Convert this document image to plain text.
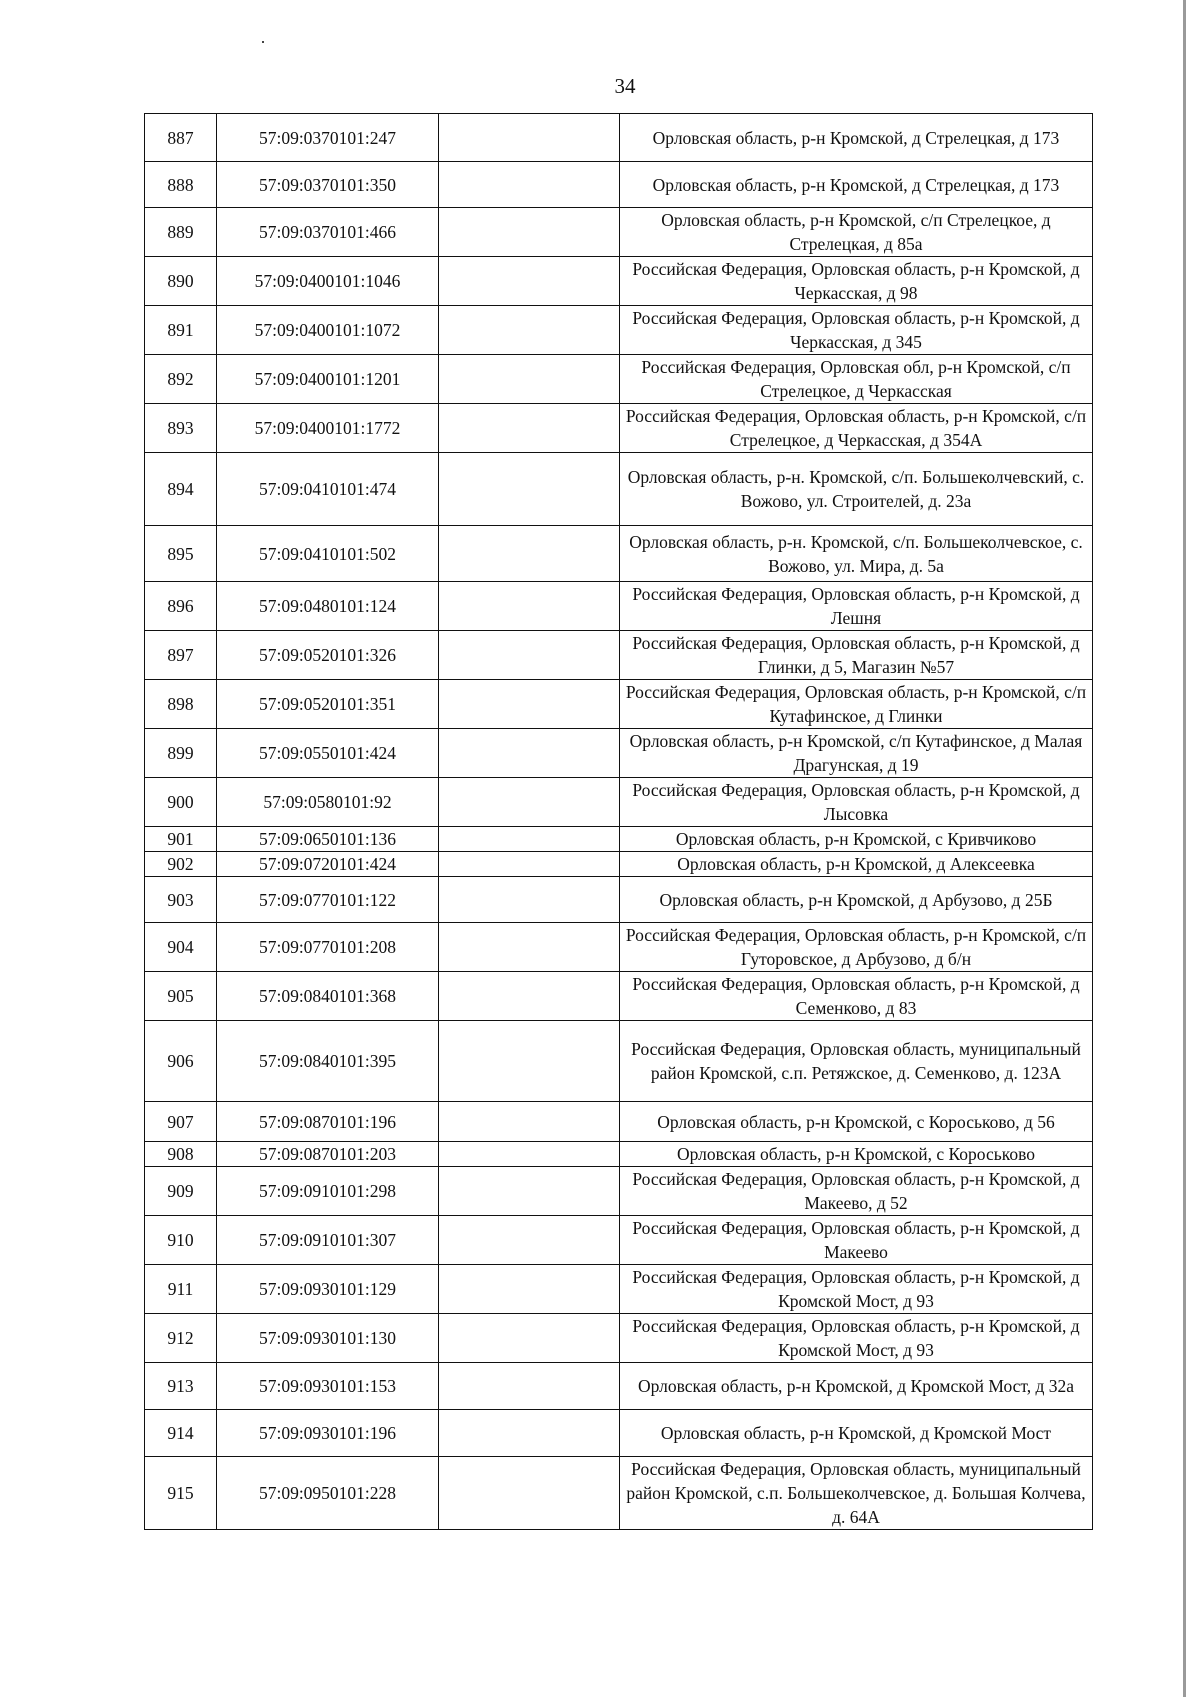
34
887	57:09:0370101:247		Орловская область, р-н Кромской, д Стрелецкая, д 173
888	57:09:0370101:350		Орловская область, р-н Кромской, д Стрелецкая, д 173
889	57:09:0370101:466		Орловская область, р-н Кромской, с/п Стрелецкое, д Стрелецкая, д 85а
890	57:09:0400101:1046		Российская Федерация, Орловская область, р-н Кромской, д Черкасская, д 98
891	57:09:0400101:1072		Российская Федерация, Орловская область, р-н Кромской, д Черкасская, д 345
892	57:09:0400101:1201		Российская Федерация, Орловская обл, р-н Кромской, с/п Стрелецкое, д Черкасская
893	57:09:0400101:1772		Российская Федерация, Орловская область, р-н Кромской, с/п Стрелецкое, д Черкасская, д 354А
894	57:09:0410101:474		Орловская область, р-н. Кромской, с/п. Большеколчевский, с. Вожово, ул. Строителей, д. 23а
895	57:09:0410101:502		Орловская область, р-н. Кромской, с/п. Большеколчевское, с. Вожово, ул. Мира, д. 5а
896	57:09:0480101:124		Российская Федерация, Орловская область, р-н Кромской, д Лешня
897	57:09:0520101:326		Российская Федерация, Орловская область, р-н Кромской, д Глинки, д 5, Магазин №57
898	57:09:0520101:351		Российская Федерация, Орловская область, р-н Кромской, с/п Кутафинское, д Глинки
899	57:09:0550101:424		Орловская область, р-н Кромской, с/п Кутафинское, д Малая Драгунская, д 19
900	57:09:0580101:92		Российская Федерация, Орловская область, р-н Кромской, д Лысовка
901	57:09:0650101:136		Орловская область, р-н Кромской, с Кривчиково
902	57:09:0720101:424		Орловская область, р-н Кромской, д Алексеевка
903	57:09:0770101:122		Орловская область, р-н Кромской, д Арбузово, д 25Б
904	57:09:0770101:208		Российская Федерация, Орловская область, р-н Кромской, с/п Гуторовское, д Арбузово, д б/н
905	57:09:0840101:368		Российская Федерация, Орловская область, р-н Кромской, д Семенково, д 83
906	57:09:0840101:395		Российская Федерация, Орловская область, муниципальный район Кромской, с.п. Ретяжское, д. Семенково, д. 123А
907	57:09:0870101:196		Орловская область, р-н Кромской, с Короськово, д 56
908	57:09:0870101:203		Орловская область, р-н Кромской, с Короськово
909	57:09:0910101:298		Российская Федерация, Орловская область, р-н Кромской, д Макеево, д 52
910	57:09:0910101:307		Российская Федерация, Орловская область, р-н Кромской, д Макеево
911	57:09:0930101:129		Российская Федерация, Орловская область, р-н Кромской, д Кромской Мост, д 93
912	57:09:0930101:130		Российская Федерация, Орловская область, р-н Кромской, д Кромской Мост, д 93
913	57:09:0930101:153		Орловская область, р-н Кромской, д Кромской Мост, д 32а
914	57:09:0930101:196		Орловская область, р-н Кромской, д Кромской Мост
915	57:09:0950101:228		Российская Федерация, Орловская область, муниципальный район Кромской, с.п. Большеколчевское, д. Большая Колчева, д. 64А
